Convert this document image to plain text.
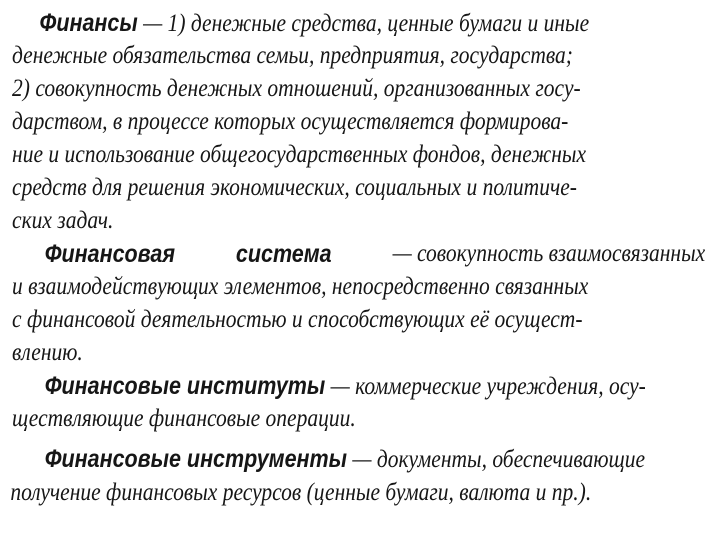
Финансы — 1) денежные средства, ценные бумаги и иные
денежные обязательства семьи, предприятия, государства;
2) совокупность денежных отношений, организованных госу-
дарством, в процессе которых осуществляется формирова-
ние и использование общегосударственных фондов, денежных
средств для решения экономических, социальных и политиче-
ских задач.
Финансовая система — совокупность взаимосвязанных
и взаимодействующих элементов, непосредственно связанных
с финансовой деятельностью и способствующих её осущест-
влению.
Финансовые институты — коммерческие учреждения, осу-
ществляющие финансовые операции.
Финансовые инструменты — документы, обеспечивающие
получение финансовых ресурсов (ценные бумаги, валюта и пр.).
